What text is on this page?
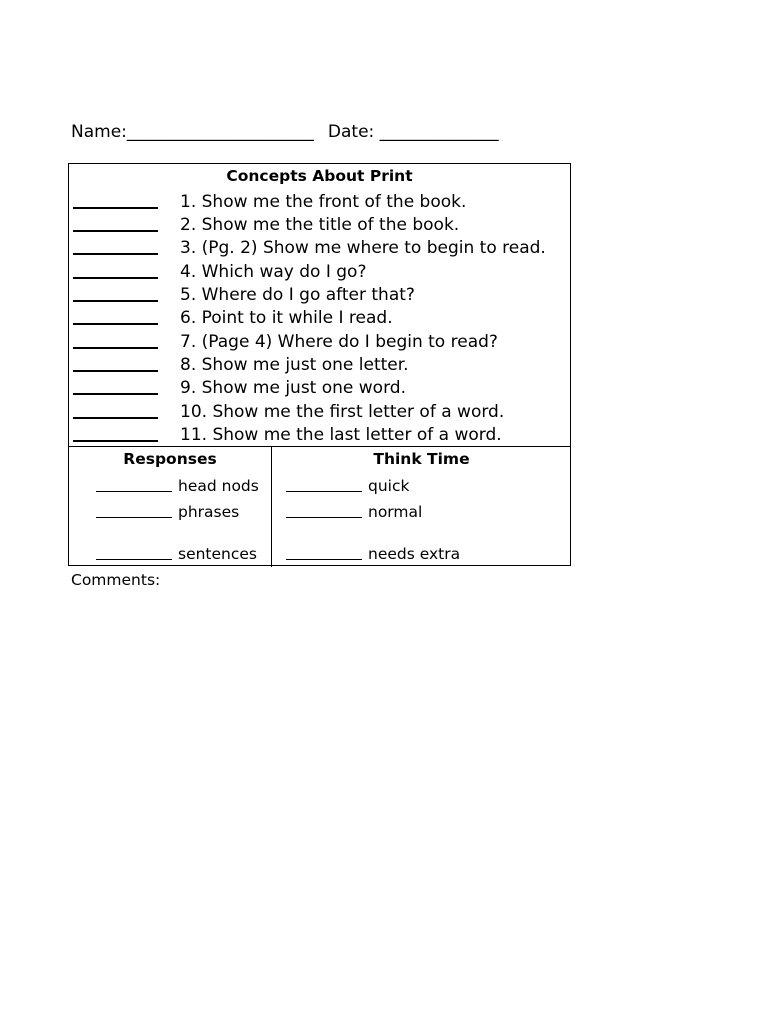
Name:______________________ Date: ______________
Concepts About Print
1. Show me the front of the book.
2. Show me the title of the book.
3. (Pg. 2) Show me where to begin to read.
4. Which way do I go?
5. Where do I go after that?
6. Point to it while I read.
7. (Page 4) Where do I begin to read?
8. Show me just one letter.
9. Show me just one word.
10. Show me the first letter of a word.
11. Show me the last letter of a word.
Responses	Think Time
head nods
phrases
sentences
quick
normal
needs extra
Comments:
